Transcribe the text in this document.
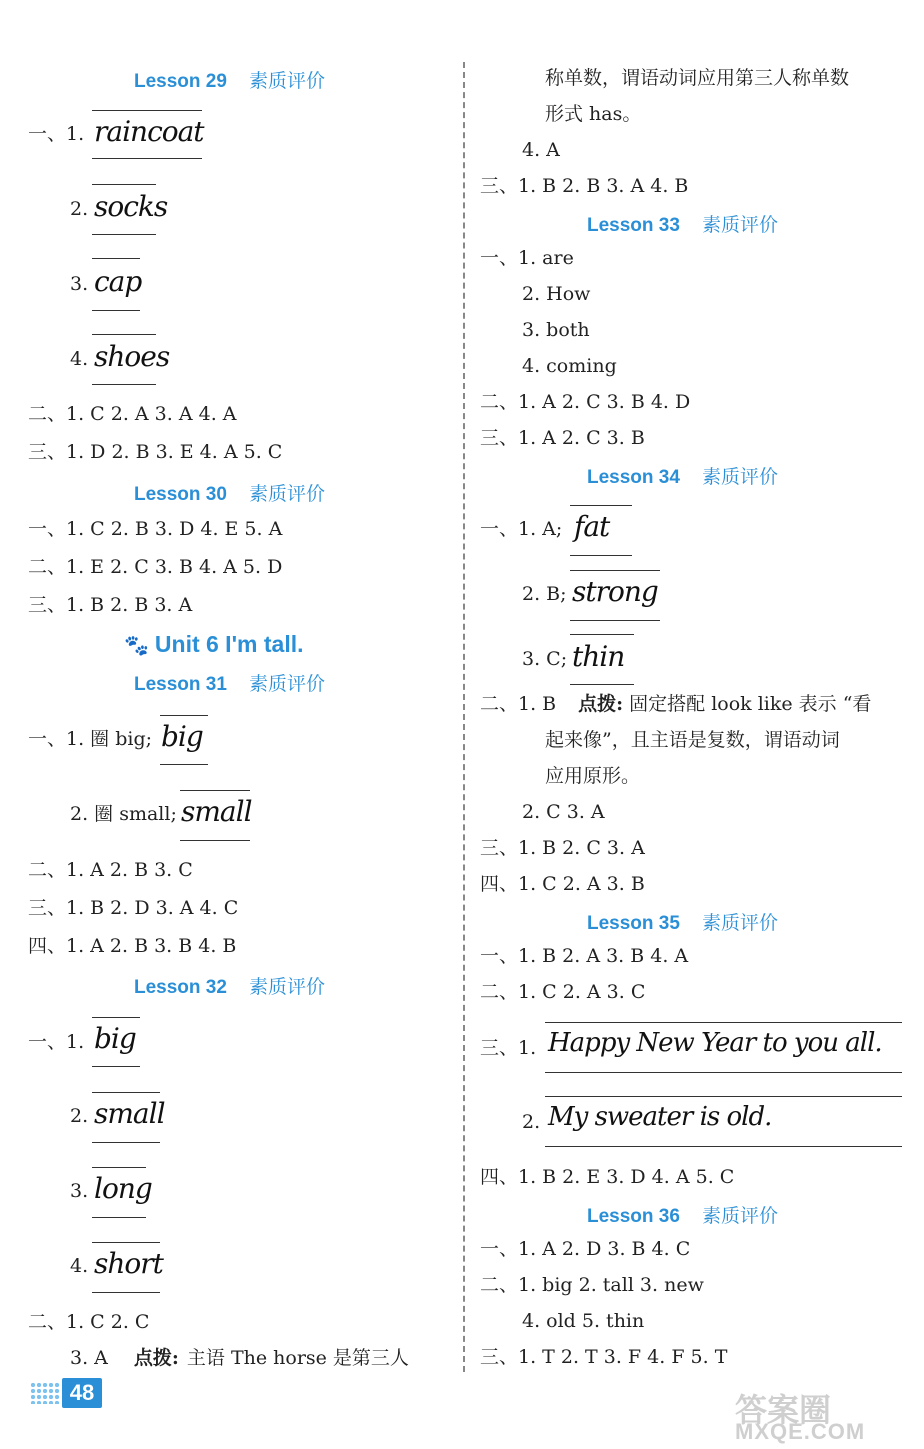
Lesson 29 素质评价
一、1. raincoat
2. socks
3. cap
4. shoes
二、1. C 2. A 3. A 4. A
三、1. D 2. B 3. E 4. A 5. C
Lesson 30 素质评价
一、1. C 2. B 3. D 4. E 5. A
二、1. E 2. C 3. B 4. A 5. D
三、1. B 2. B 3. A
🐾 Unit 6 I'm tall.
Lesson 31 素质评价
一、1. 圈 big; big
2. 圈 small; small
二、1. A 2. B 3. C
三、1. B 2. D 3. A 4. C
四、1. A 2. B 3. B 4. B
Lesson 32 素质评价
一、1. big
2. small
3. long
4. short
二、1. C 2. C
3. A 点拨: 主语 The horse 是第三人
称单数，谓语动词应用第三人称单数
形式 has。
4. A
三、1. B 2. B 3. A 4. B
Lesson 33 素质评价
一、1. are
2. How
3. both
4. coming
二、1. A 2. C 3. B 4. D
三、1. A 2. C 3. B
Lesson 34 素质评价
一、1. A; fat
2. B; strong
3. C; thin
二、1. B 点拨: 固定搭配 look like 表示 “看
起来像”，且主语是复数，谓语动词
应用原形。
2. C 3. A
三、1. B 2. C 3. A
四、1. C 2. A 3. B
Lesson 35 素质评价
一、1. B 2. A 3. B 4. A
二、1. C 2. A 3. C
三、1. Happy New Year to you all.
2. My sweater is old.
四、1. B 2. E 3. D 4. A 5. C
Lesson 36 素质评价
一、1. A 2. D 3. B 4. C
二、1. big 2. tall 3. new
4. old 5. thin
三、1. T 2. T 3. F 4. F 5. T
48	答案圈
MXQE.COM
